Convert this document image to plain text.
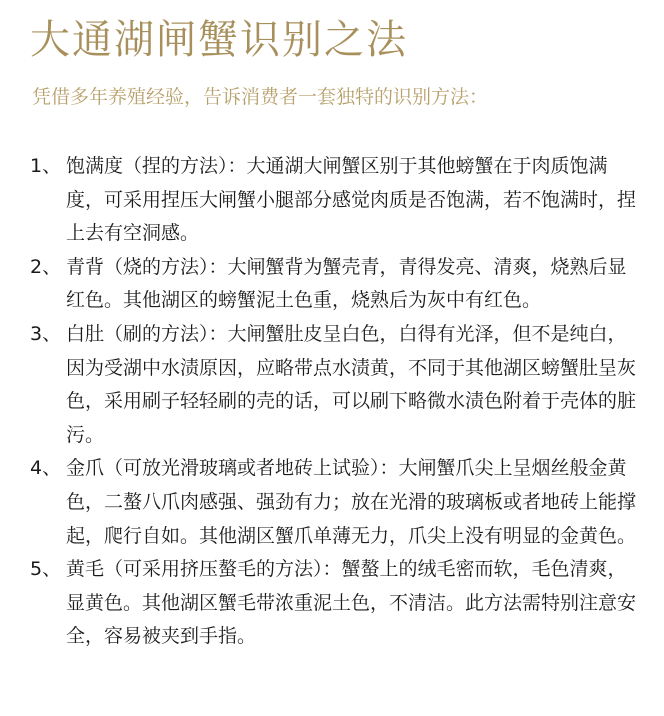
大通湖闸蟹识别之法
凭借多年养殖经验，告诉消费者一套独特的识别方法：
1、 饱满度（捏的方法）：大通湖大闸蟹区别于其他螃蟹在于肉质饱满度，可采用捏压大闸蟹小腿部分感觉肉质是否饱满，若不饱满时，捏上去有空洞感。
2、 青背（烧的方法）：大闸蟹背为蟹壳青，青得发亮、清爽，烧熟后显红色。其他湖区的螃蟹泥土色重，烧熟后为灰中有红色。
3、 白肚（刷的方法）：大闸蟹肚皮呈白色，白得有光泽，但不是纯白，因为受湖中水渍原因，应略带点水渍黄，不同于其他湖区螃蟹肚呈灰色，采用刷子轻轻刷的壳的话，可以刷下略微水渍色附着于壳体的脏污。
4、 金爪（可放光滑玻璃或者地砖上试验）：大闸蟹爪尖上呈烟丝般金黄色，二螯八爪肉感强、强劲有力；放在光滑的玻璃板或者地砖上能撑起，爬行自如。其他湖区蟹爪单薄无力，爪尖上没有明显的金黄色。
5、 黄毛（可采用挤压螯毛的方法）：蟹螯上的绒毛密而软，毛色清爽，显黄色。其他湖区蟹毛带浓重泥土色，不清洁。此方法需特别注意安全，容易被夹到手指。
